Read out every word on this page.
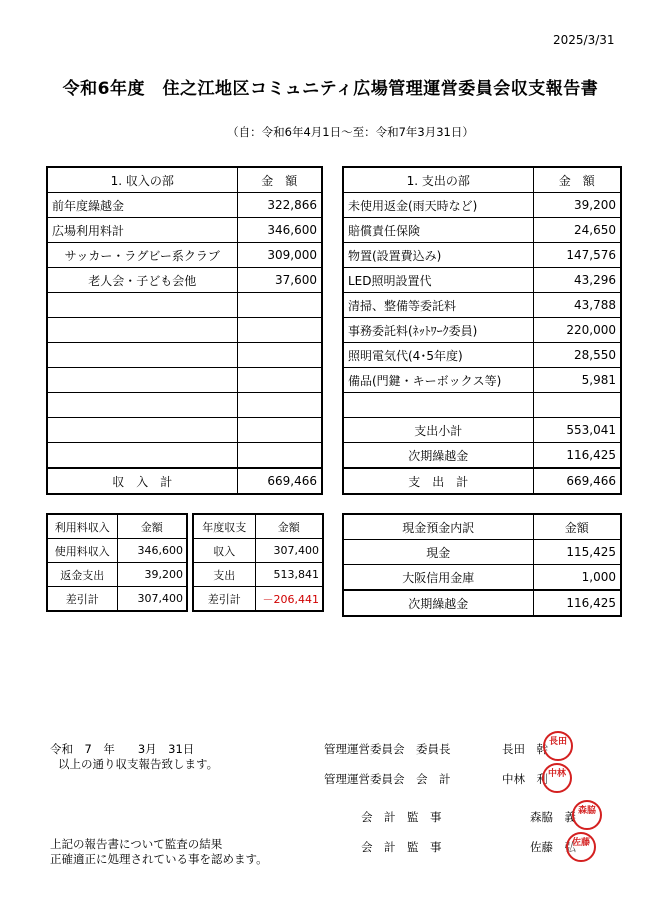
2025/3/31
令和6年度　住之江地区コミュニティ広場管理運営委員会収支報告書
（自：令和6年4月1日～至：令和7年3月31日）
1. 収入の部	金　額
前年度繰越金	322,866
広場利用料計	346,600
サッカー・ラグビー系クラブ	309,000
老人会・子ども会他	37,600

収　入　計	669,466
1. 支出の部	金　額
未使用返金(雨天時など)	39,200
賠償責任保険	24,650
物置(設置費込み)	147,576
LED照明設置代	43,296
清掃、整備等委託料	43,788
事務委託料(ﾈｯﾄﾜｰｸ委員)	220,000
照明電気代(4･5年度)	28,550
備品(門鍵・キーボックス等)	5,981

支出小計	553,041
次期繰越金	116,425
支　出　計	669,466
利用料収入	金額
使用料収入	346,600
返金支出	39,200
差引計	307,400
年度収支	金額
収入	307,400
支出	513,841
差引計	－206,441
現金預金内訳	金額
現金	115,425
大阪信用金庫	1,000
次期繰越金	116,425
令和　7　年　　3月　31日
以上の通り収支報告致します。
上記の報告書について監査の結果
正確適正に処理されている事を認めます。
管理運営委員会　委員長	長田　幹 長田
管理運営委員会　会　計	中林　利 中林
会　計　監　事	森脇　義 森脇
会　計　監　事	佐藤　弘
佐藤
